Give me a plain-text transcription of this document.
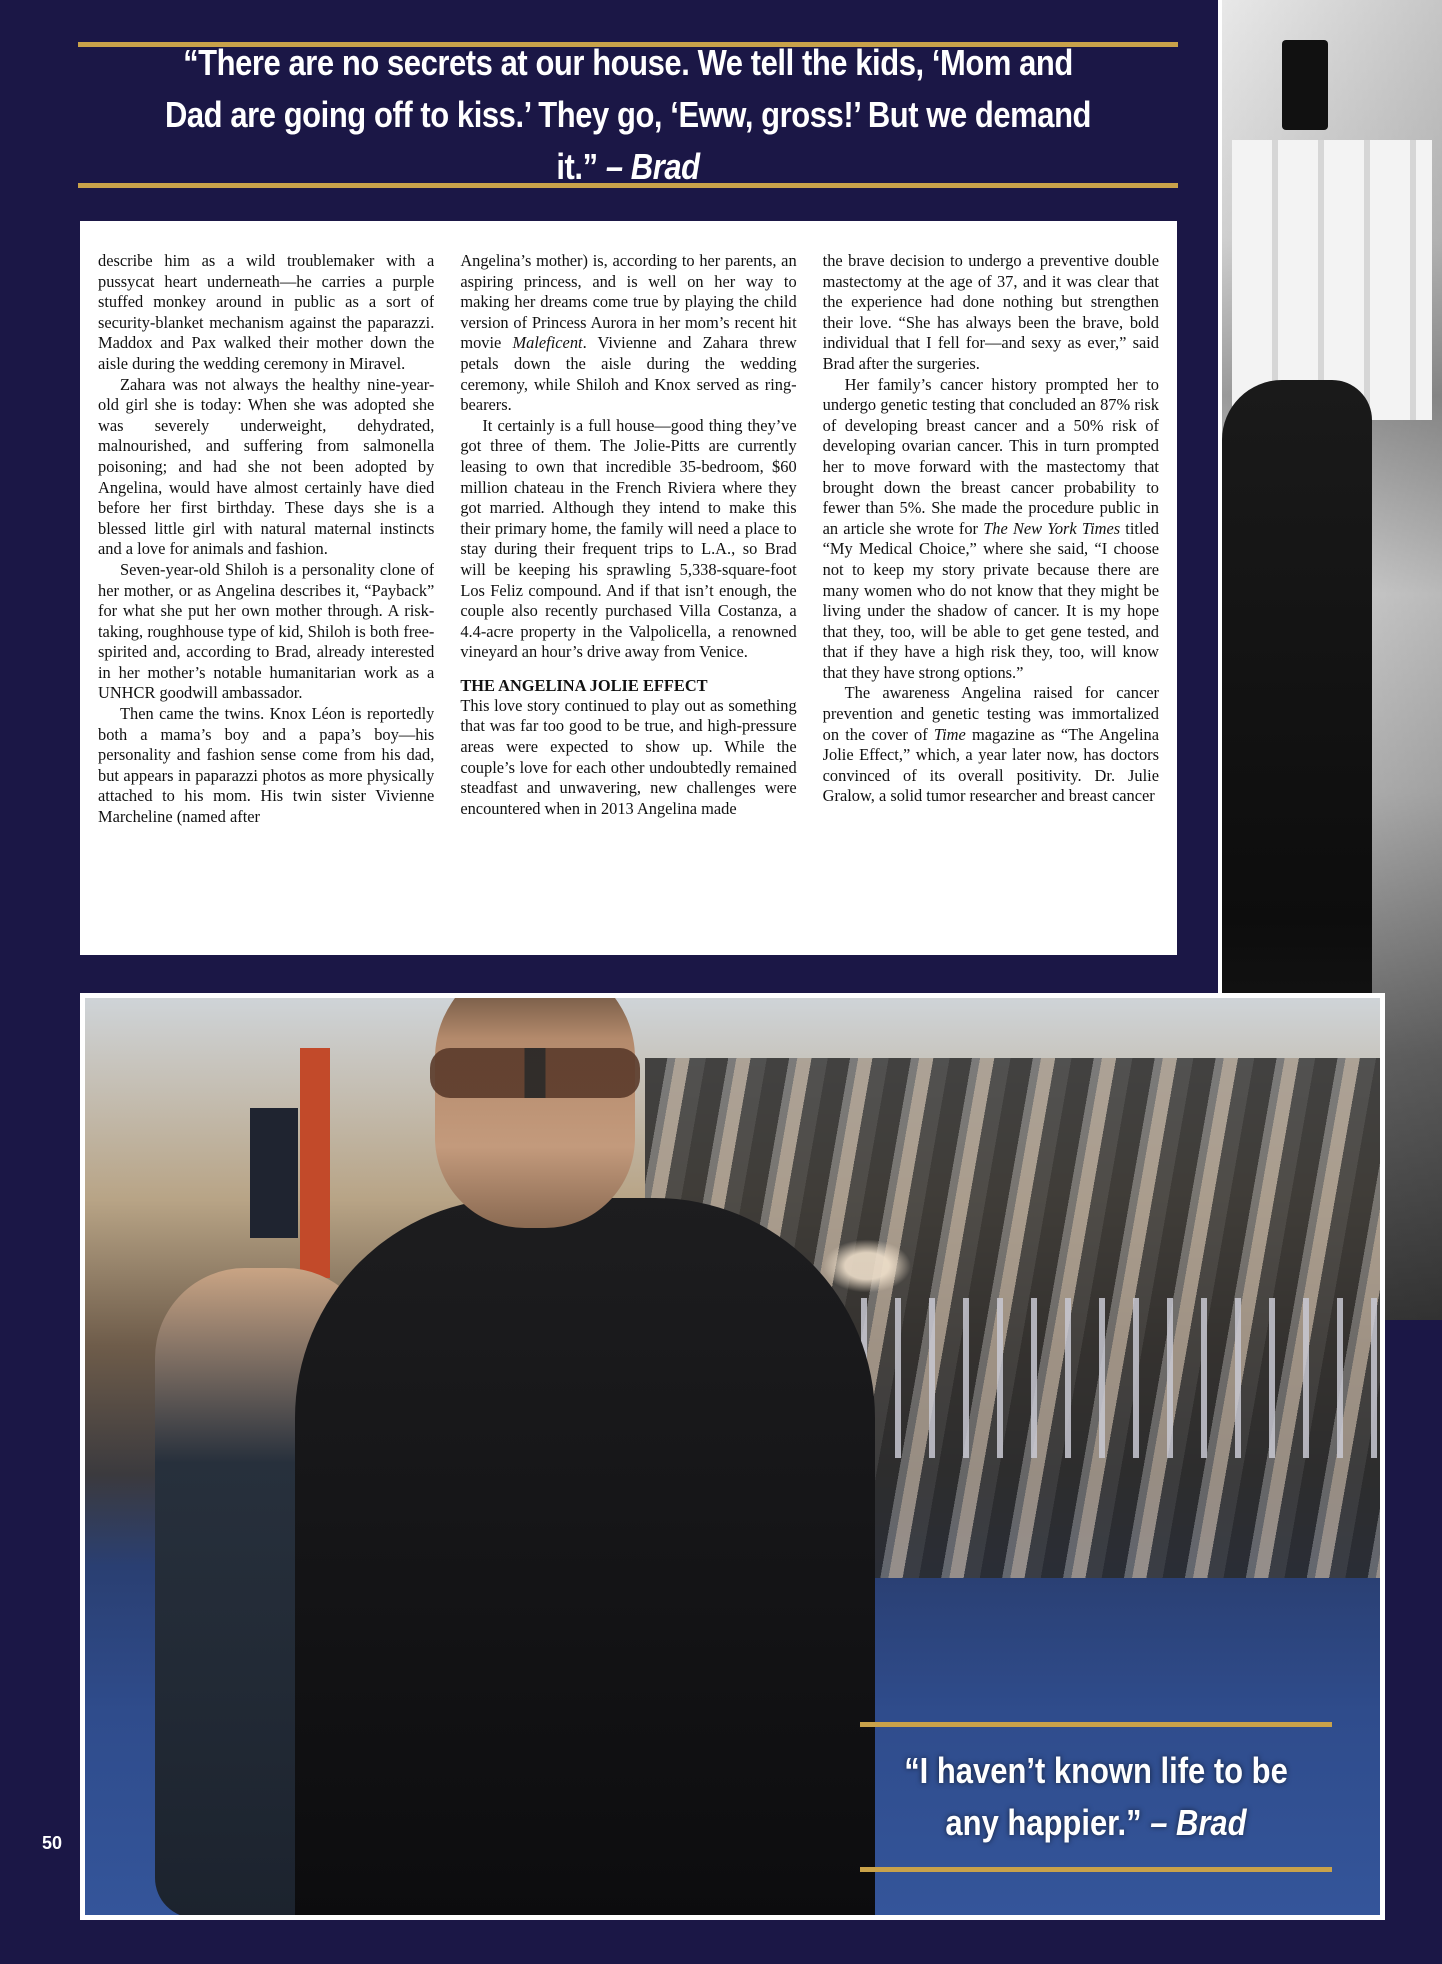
“There are no secrets at our house. We tell the kids, ‘Mom and Dad are going off to kiss.’ They go, ‘Eww, gross!’ But we demand it.” – Brad

describe him as a wild troublemaker with a pussycat heart underneath—he carries a purple stuffed monkey around in public as a sort of security-blanket mechanism against the paparazzi. Maddox and Pax walked their mother down the aisle during the wedding ceremony in Miravel.

Zahara was not always the healthy nine-year-old girl she is today: When she was adopted she was severely underweight, dehydrated, malnourished, and suffering from salmonella poisoning; and had she not been adopted by Angelina, would have almost certainly have died before her first birthday. These days she is a blessed little girl with natural maternal instincts and a love for animals and fashion.

Seven-year-old Shiloh is a personality clone of her mother, or as Angelina describes it, “Payback” for what she put her own mother through. A risk-taking, roughhouse type of kid, Shiloh is both free-spirited and, according to Brad, already interested in her mother’s notable humanitarian work as a UNHCR goodwill ambassador.

Then came the twins. Knox Léon is reportedly both a mama’s boy and a papa’s boy—his personality and fashion sense come from his dad, but appears in paparazzi photos as more physically attached to his mom. His twin sister Vivienne Marcheline (named after

Angelina’s mother) is, according to her parents, an aspiring princess, and is well on her way to making her dreams come true by playing the child version of Princess Aurora in her mom’s recent hit movie Maleficent. Vivienne and Zahara threw petals down the aisle during the wedding ceremony, while Shiloh and Knox served as ring-bearers.

It certainly is a full house—good thing they’ve got three of them. The Jolie-Pitts are currently leasing to own that incredible 35-bedroom, $60 million chateau in the French Riviera where they got married. Although they intend to make this their primary home, the family will need a place to stay during their frequent trips to L.A., so Brad will be keeping his sprawling 5,338-square-foot Los Feliz compound. And if that isn’t enough, the couple also recently purchased Villa Costanza, a 4.4-acre property in the Valpolicella, a renowned vineyard an hour’s drive away from Venice.

THE ANGELINA JOLIE EFFECT

This love story continued to play out as something that was far too good to be true, and high-pressure areas were expected to show up. While the couple’s love for each other undoubtedly remained steadfast and unwavering, new challenges were encountered when in 2013 Angelina made

the brave decision to undergo a preventive double mastectomy at the age of 37, and it was clear that the experience had done nothing but strengthen their love. “She has always been the brave, bold individual that I fell for—and sexy as ever,” said Brad after the surgeries.

Her family’s cancer history prompted her to undergo genetic testing that concluded an 87% risk of developing breast cancer and a 50% risk of developing ovarian cancer. This in turn prompted her to move forward with the mastectomy that brought down the breast cancer probability to fewer than 5%. She made the procedure public in an article she wrote for The New York Times titled “My Medical Choice,” where she said, “I choose not to keep my story private because there are many women who do not know that they might be living under the shadow of cancer. It is my hope that they, too, will be able to get gene tested, and that if they have a high risk they, too, will know that they have strong options.”

The awareness Angelina raised for cancer prevention and genetic testing was immortalized on the cover of Time magazine as “The Angelina Jolie Effect,” which, a year later now, has doctors convinced of its overall positivity. Dr. Julie Gralow, a solid tumor researcher and breast cancer

“I haven’t known life to be any happier.” – Brad

50
